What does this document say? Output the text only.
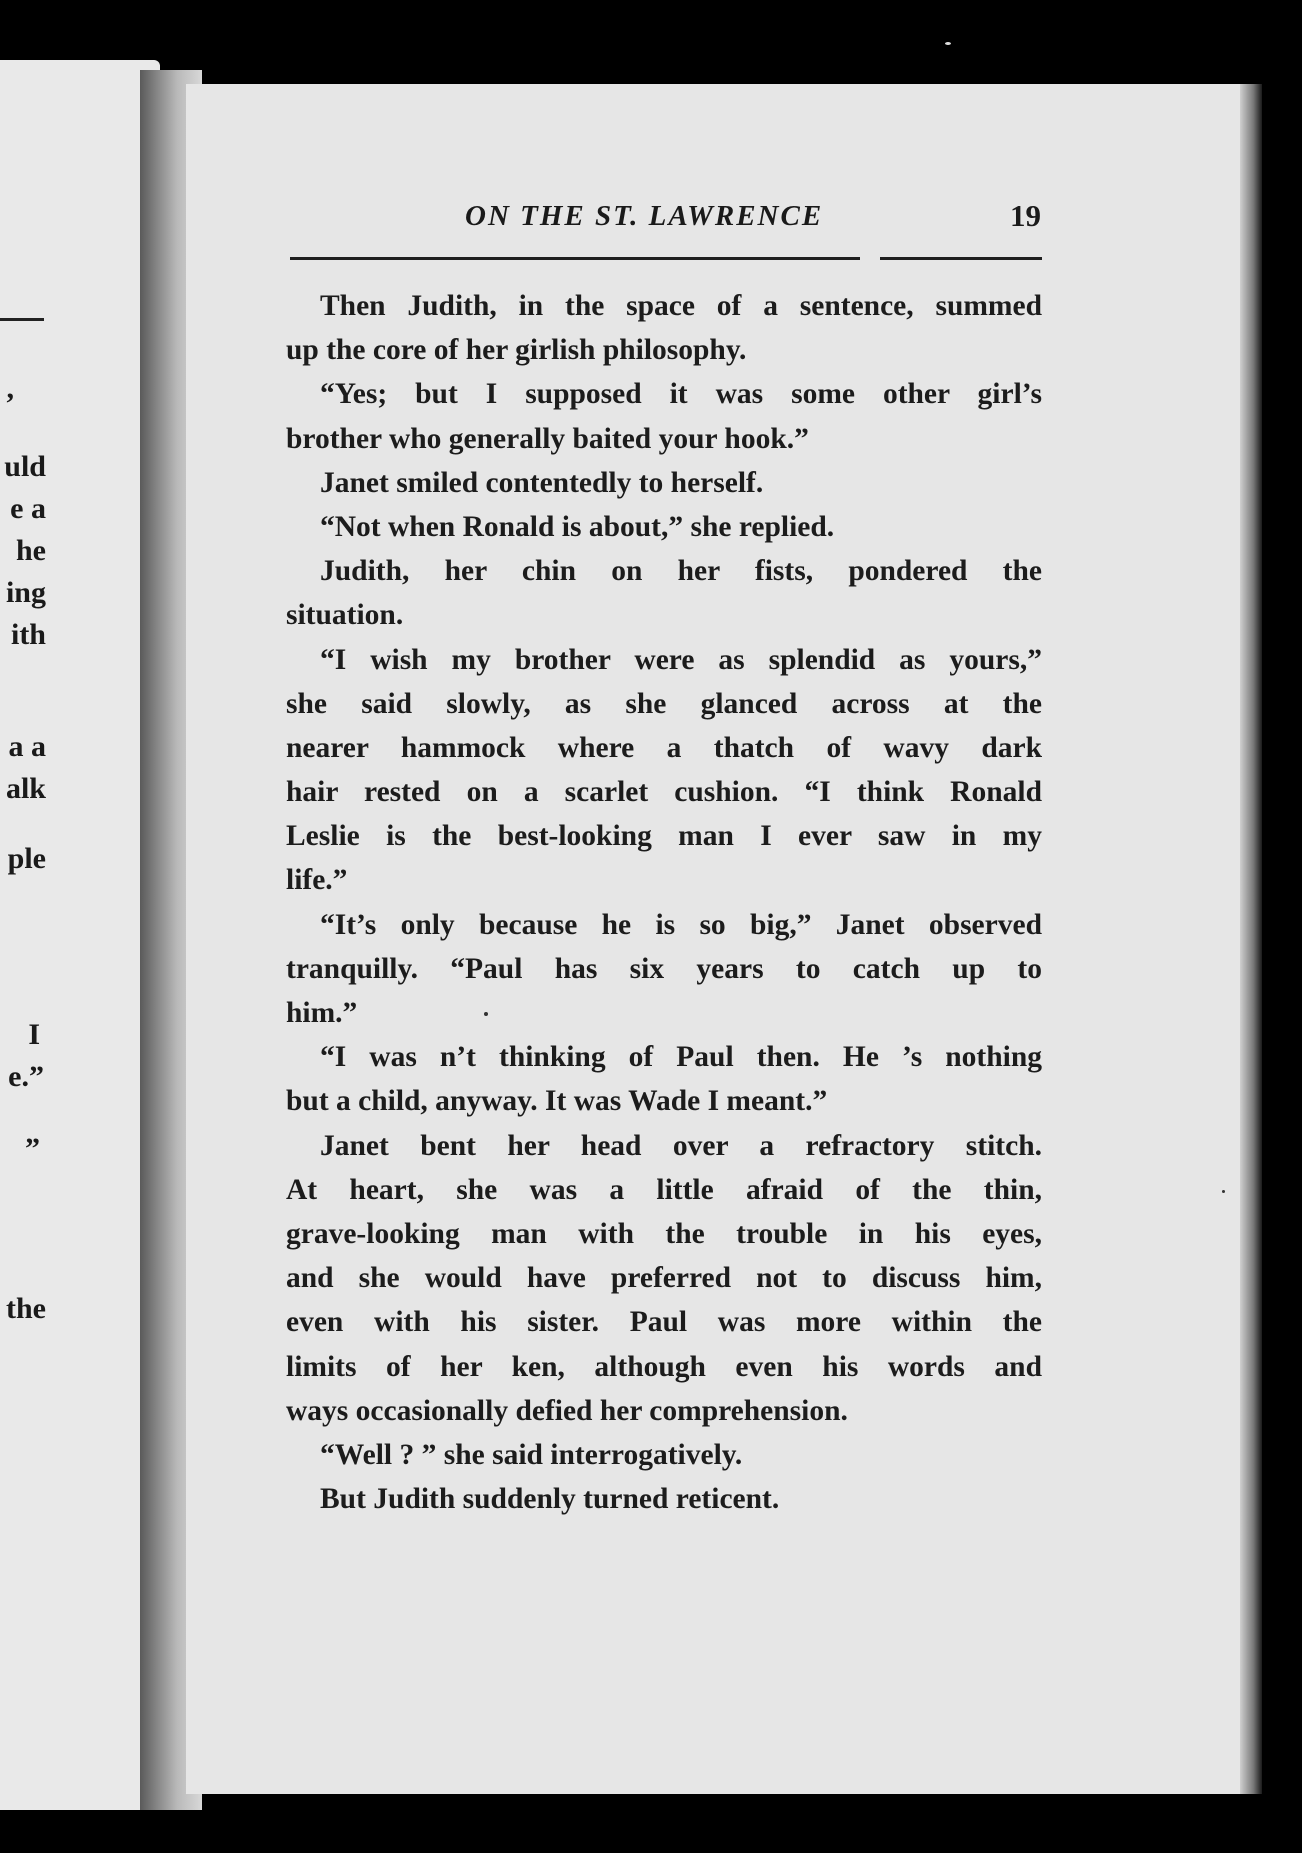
,
uld
e a
he
ing
ith
a a
alk
ple
I
e.”
”
the
ON THE ST. LAWRENCE	19
Then Judith, in the space of a sentence, summed
up the core of her girlish philosophy.
“Yes; but I supposed it was some other girl’s
brother who generally baited your hook.”
Janet smiled contentedly to herself.
“Not when Ronald is about,” she replied.
Judith, her chin on her fists, pondered the
situation.
“I wish my brother were as splendid as yours,”
she said slowly, as she glanced across at the
nearer hammock where a thatch of wavy dark
hair rested on a scarlet cushion. “I think Ronald
Leslie is the best-looking man I ever saw in my
life.”
“It’s only because he is so big,” Janet observed
tranquilly. “Paul has six years to catch up to
him.”
“I was n’t thinking of Paul then. He ’s nothing
but a child, anyway. It was Wade I meant.”
Janet bent her head over a refractory stitch.
At heart, she was a little afraid of the thin,
grave-looking man with the trouble in his eyes,
and she would have preferred not to discuss him,
even with his sister. Paul was more within the
limits of her ken, although even his words and
ways occasionally defied her comprehension.
“Well ? ” she said interrogatively.
But Judith suddenly turned reticent.
